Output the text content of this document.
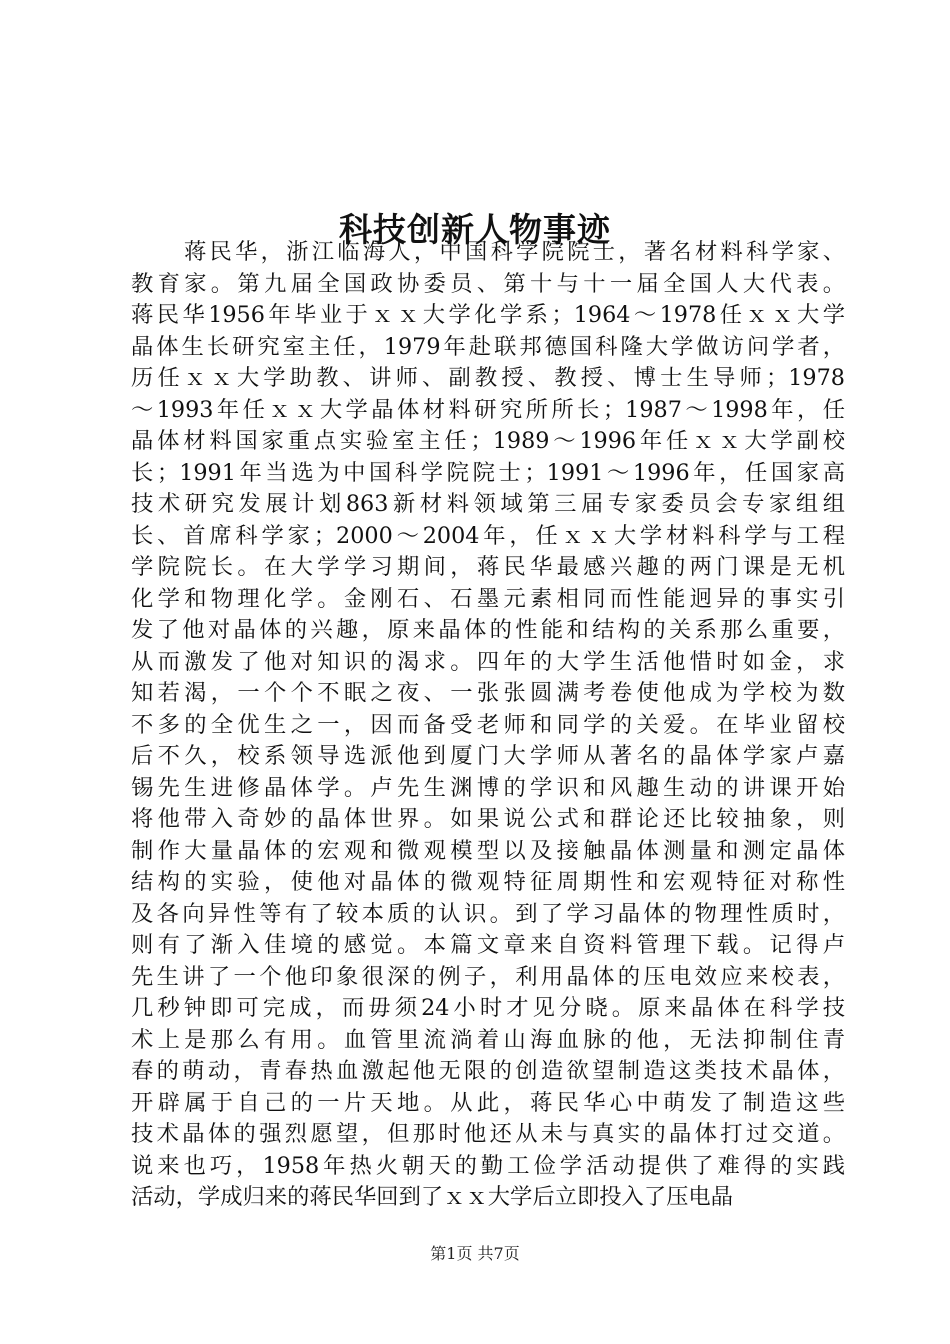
科技创新人物事迹
蒋民华，浙江临海人，中国科学院院士，著名材料科学家、
教育家。第九届全国政协委员、第十与十一届全国人大代表。
蒋民华1956年毕业于ｘｘ大学化学系；1964～1978任ｘｘ大学
晶体生长研究室主任，1979年赴联邦德国科隆大学做访问学者，
历任ｘｘ大学助教、讲师、副教授、教授、博士生导师；1978
～1993年任ｘｘ大学晶体材料研究所所长；1987～1998年，任
晶体材料国家重点实验室主任；1989～1996年任ｘｘ大学副校
长；1991年当选为中国科学院院士；1991～1996年，任国家高
技术研究发展计划863新材料领域第三届专家委员会专家组组
长、首席科学家；2000～2004年，任ｘｘ大学材料科学与工程
学院院长。在大学学习期间，蒋民华最感兴趣的两门课是无机
化学和物理化学。金刚石、石墨元素相同而性能迥异的事实引
发了他对晶体的兴趣，原来晶体的性能和结构的关系那么重要，
从而激发了他对知识的渴求。四年的大学生活他惜时如金，求
知若渴，一个个不眠之夜、一张张圆满考卷使他成为学校为数
不多的全优生之一，因而备受老师和同学的关爱。在毕业留校
后不久，校系领导选派他到厦门大学师从著名的晶体学家卢嘉
锡先生进修晶体学。卢先生渊博的学识和风趣生动的讲课开始
将他带入奇妙的晶体世界。如果说公式和群论还比较抽象，则
制作大量晶体的宏观和微观模型以及接触晶体测量和测定晶体
结构的实验，使他对晶体的微观特征周期性和宏观特征对称性
及各向异性等有了较本质的认识。到了学习晶体的物理性质时，
则有了渐入佳境的感觉。本篇文章来自资料管理下载。记得卢
先生讲了一个他印象很深的例子，利用晶体的压电效应来校表，
几秒钟即可完成，而毋须24小时才见分晓。原来晶体在科学技
术上是那么有用。血管里流淌着山海血脉的他，无法抑制住青
春的萌动，青春热血激起他无限的创造欲望制造这类技术晶体，
开辟属于自己的一片天地。从此，蒋民华心中萌发了制造这些
技术晶体的强烈愿望，但那时他还从未与真实的晶体打过交道。
说来也巧，1958年热火朝天的勤工俭学活动提供了难得的实践
活动，学成归来的蒋民华回到了ｘｘ大学后立即投入了压电晶
第1页 共7页
